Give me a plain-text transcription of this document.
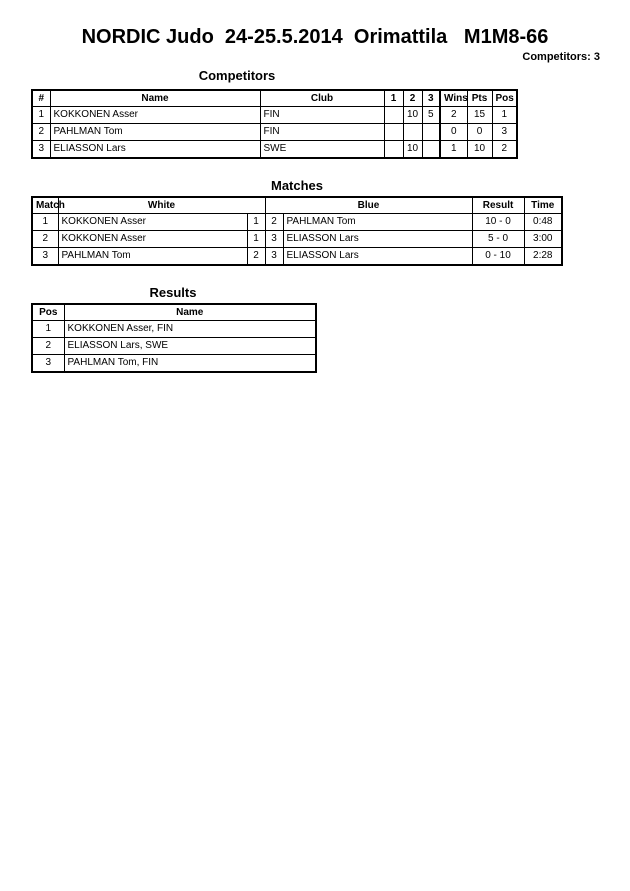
NORDIC Judo  24-25.5.2014  Orimattila   M1M8-66
Competitors: 3
Competitors
#	Name	Club	1	2	3	Wins	Pts	Pos
1	KOKKONEN Asser	FIN		10	5	2	15	1
2	PAHLMAN Tom	FIN				0	0	3
3	ELIASSON Lars	SWE		10		1	10	2
Matches
Match	White		Blue		Result	Time
1	KOKKONEN Asser	1	2	PAHLMAN Tom	10 - 0	0:48
2	KOKKONEN Asser	1	3	ELIASSON Lars	5 - 0	3:00
3	PAHLMAN Tom	2	3	ELIASSON Lars	0 - 10	2:28
Results
Pos	Name
1	KOKKONEN Asser, FIN
2	ELIASSON Lars, SWE
3	PAHLMAN Tom, FIN
